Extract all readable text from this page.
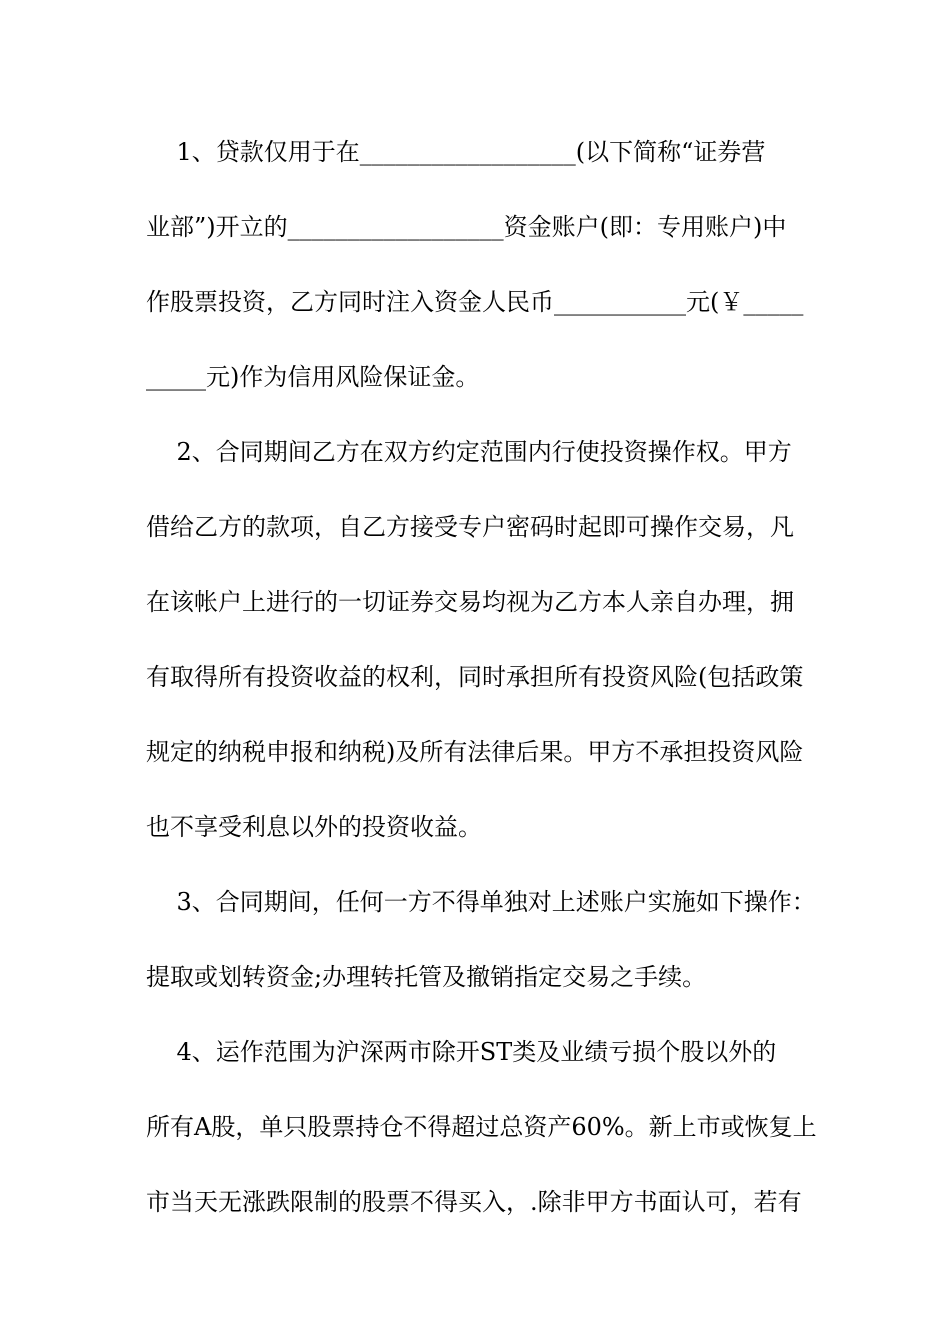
1、贷款仅用于在__________________(以下简称“证券营
业部”)开立的__________________资金账户(即：专用账户)中
作股票投资，乙方同时注入资金人民币___________元(￥_____
_____元)作为信用风险保证金。
2、合同期间乙方在双方约定范围内行使投资操作权。甲方
借给乙方的款项，自乙方接受专户密码时起即可操作交易，凡
在该帐户上进行的一切证券交易均视为乙方本人亲自办理，拥
有取得所有投资收益的权利，同时承担所有投资风险(包括政策
规定的纳税申报和纳税)及所有法律后果。甲方不承担投资风险
也不享受利息以外的投资收益。
3、合同期间，任何一方不得单独对上述账户实施如下操作：
提取或划转资金;办理转托管及撤销指定交易之手续。
4、运作范围为沪深两市除开ST类及业绩亏损个股以外的
所有A股，单只股票持仓不得超过总资产60%。新上市或恢复上
市当天无涨跌限制的股票不得买入，.除非甲方书面认可，若有
